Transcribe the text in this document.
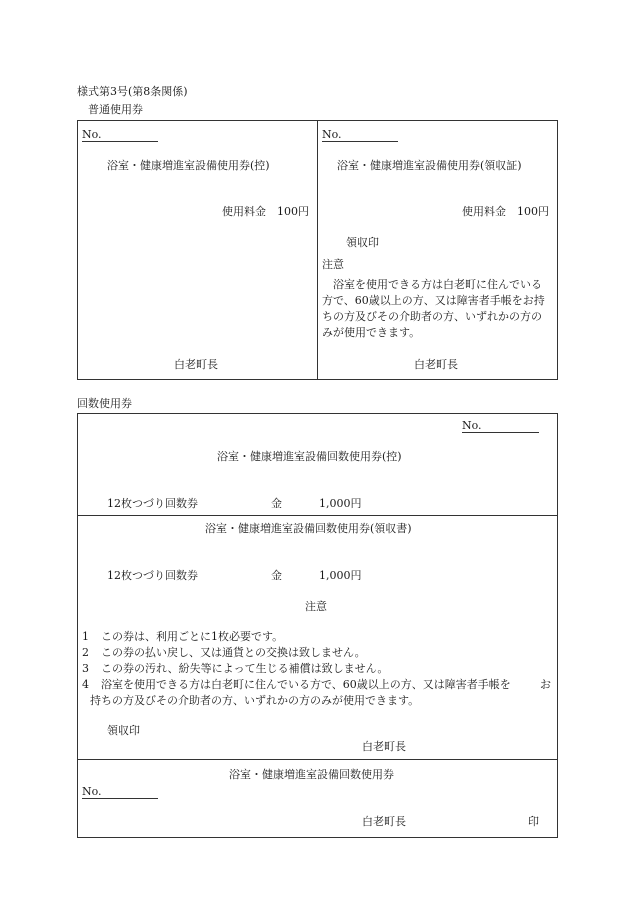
様式第3号(第8条関係)
普通使用券
No.
浴室・健康増進室設備使用券(控)
使用料金　100円
白老町長
No.
浴室・健康増進室設備使用券(領収証)
使用料金　100円
領収印
注意
浴室を使用できる方は白老町に住んでいる方で、60歳以上の方、又は障害者手帳をお持ちの方及びその介助者の方、いずれかの方のみが使用できます。
白老町長
回数使用券
No.
浴室・健康増進室設備回数使用券(控)
12枚つづり回数券	金	1,000円
浴室・健康増進室設備回数使用券(領収書)
12枚つづり回数券	金	1,000円
注意
1 この券は、利用ごとに1枚必要です。
2 この券の払い戻し、又は通貨との交換は致しません。
3 この券の汚れ、紛失等によって生じる補償は致しません。
4 浴室を使用できる方は白老町に住んでいる方で、60歳以上の方、又は障害者手帳を	お
持ちの方及びその介助者の方、いずれかの方のみが使用できます。
領収印
白老町長
浴室・健康増進室設備回数使用券
No.
白老町長	印
